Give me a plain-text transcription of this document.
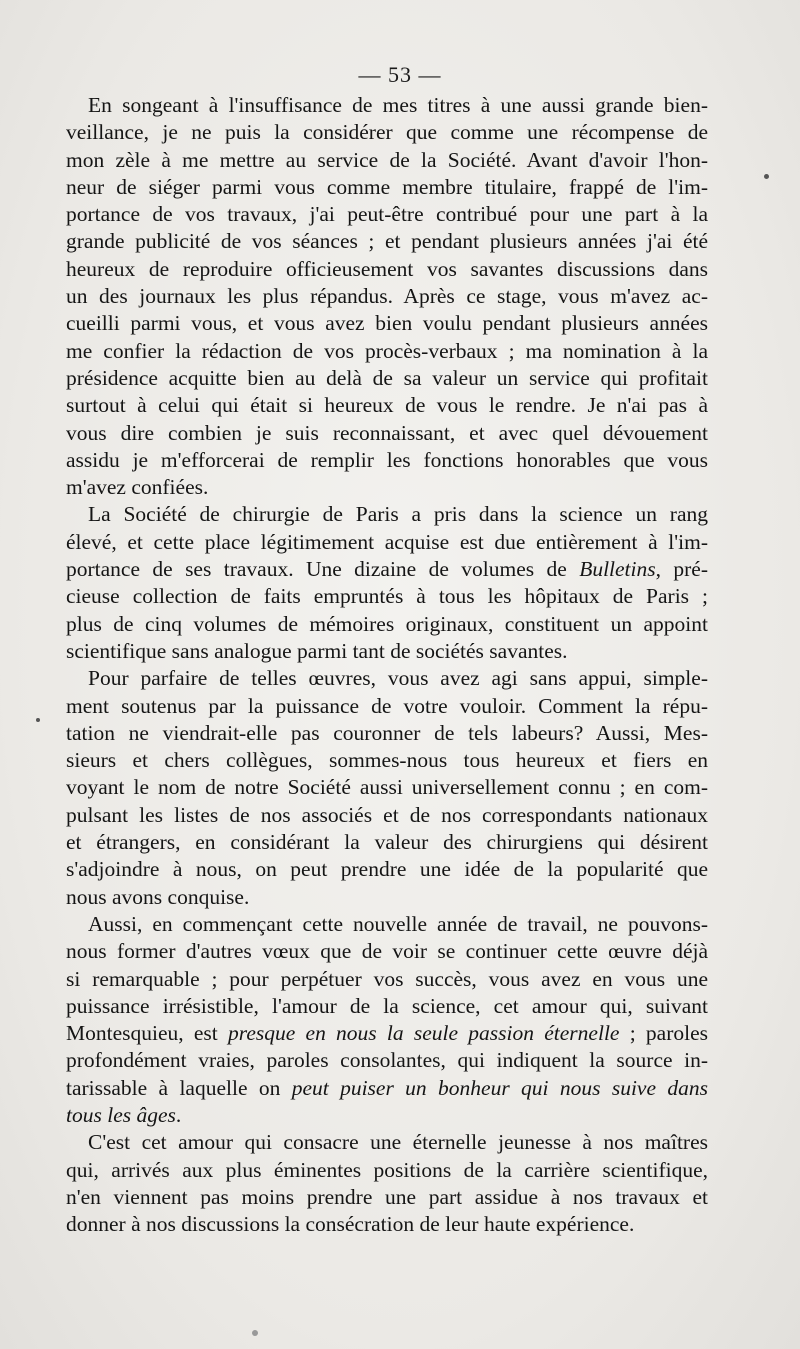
— 53 —
En songeant à l'insuffisance de mes titres à une aussi grande bien-
veillance, je ne puis la considérer que comme une récompense de
mon zèle à me mettre au service de la Société. Avant d'avoir l'hon-
neur de siéger parmi vous comme membre titulaire, frappé de l'im-
portance de vos travaux, j'ai peut-être contribué pour une part à la
grande publicité de vos séances ; et pendant plusieurs années j'ai été
heureux de reproduire officieusement vos savantes discussions dans
un des journaux les plus répandus. Après ce stage, vous m'avez ac-
cueilli parmi vous, et vous avez bien voulu pendant plusieurs années
me confier la rédaction de vos procès-verbaux ; ma nomination à la
présidence acquitte bien au delà de sa valeur un service qui profitait
surtout à celui qui était si heureux de vous le rendre. Je n'ai pas à
vous dire combien je suis reconnaissant, et avec quel dévouement
assidu je m'efforcerai de remplir les fonctions honorables que vous
m'avez confiées.
La Société de chirurgie de Paris a pris dans la science un rang
élevé, et cette place légitimement acquise est due entièrement à l'im-
portance de ses travaux. Une dizaine de volumes de Bulletins, pré-
cieuse collection de faits empruntés à tous les hôpitaux de Paris ;
plus de cinq volumes de mémoires originaux, constituent un appoint
scientifique sans analogue parmi tant de sociétés savantes.
Pour parfaire de telles œuvres, vous avez agi sans appui, simple-
ment soutenus par la puissance de votre vouloir. Comment la répu-
tation ne viendrait-elle pas couronner de tels labeurs? Aussi, Mes-
sieurs et chers collègues, sommes-nous tous heureux et fiers en
voyant le nom de notre Société aussi universellement connu ; en com-
pulsant les listes de nos associés et de nos correspondants nationaux
et étrangers, en considérant la valeur des chirurgiens qui désirent
s'adjoindre à nous, on peut prendre une idée de la popularité que
nous avons conquise.
Aussi, en commençant cette nouvelle année de travail, ne pouvons-
nous former d'autres vœux que de voir se continuer cette œuvre déjà
si remarquable ; pour perpétuer vos succès, vous avez en vous une
puissance irrésistible, l'amour de la science, cet amour qui, suivant
Montesquieu, est presque en nous la seule passion éternelle ; paroles
profondément vraies, paroles consolantes, qui indiquent la source in-
tarissable à laquelle on peut puiser un bonheur qui nous suive dans
tous les âges.
C'est cet amour qui consacre une éternelle jeunesse à nos maîtres
qui, arrivés aux plus éminentes positions de la carrière scientifique,
n'en viennent pas moins prendre une part assidue à nos travaux et
donner à nos discussions la consécration de leur haute expérience.
